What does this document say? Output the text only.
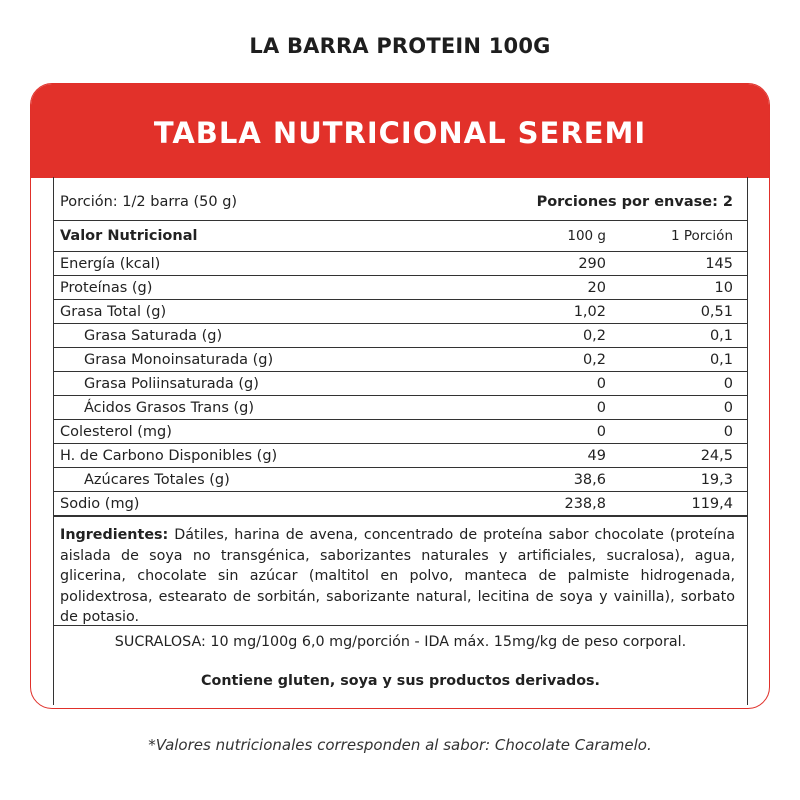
LA BARRA PROTEIN 100G
TABLA NUTRICIONAL SEREMI
Porción: 1/2 barra (50 g)	Porciones por envase: 2
Valor Nutricional	100 g	1 Porción
Energía (kcal)	290	145
Proteínas (g)	20	10
Grasa Total (g)	1,02	0,51
Grasa Saturada (g)	0,2	0,1
Grasa Monoinsaturada (g)	0,2	0,1
Grasa Poliinsaturada (g)	0	0
Ácidos Grasos Trans (g)	0	0
Colesterol (mg)	0	0
H. de Carbono Disponibles (g)	49	24,5
Azúcares Totales (g)	38,6	19,3
Sodio (mg)	238,8	119,4
Ingredientes: Dátiles, harina de avena, concentrado de proteína sabor chocolate (proteína aislada de soya no transgénica, saborizantes naturales y artificiales, sucralosa), agua, glicerina, chocolate sin azúcar (maltitol en polvo, manteca de palmiste hidrogenada, polidextrosa, estearato de sorbitán, saborizante natural, lecitina de soya y vainilla), sorbato de potasio.
SUCRALOSA: 10 mg/100g 6,0 mg/porción - IDA máx. 15mg/kg de peso corporal.
Contiene gluten, soya y sus productos derivados.
*Valores nutricionales corresponden al sabor: Chocolate Caramelo.
